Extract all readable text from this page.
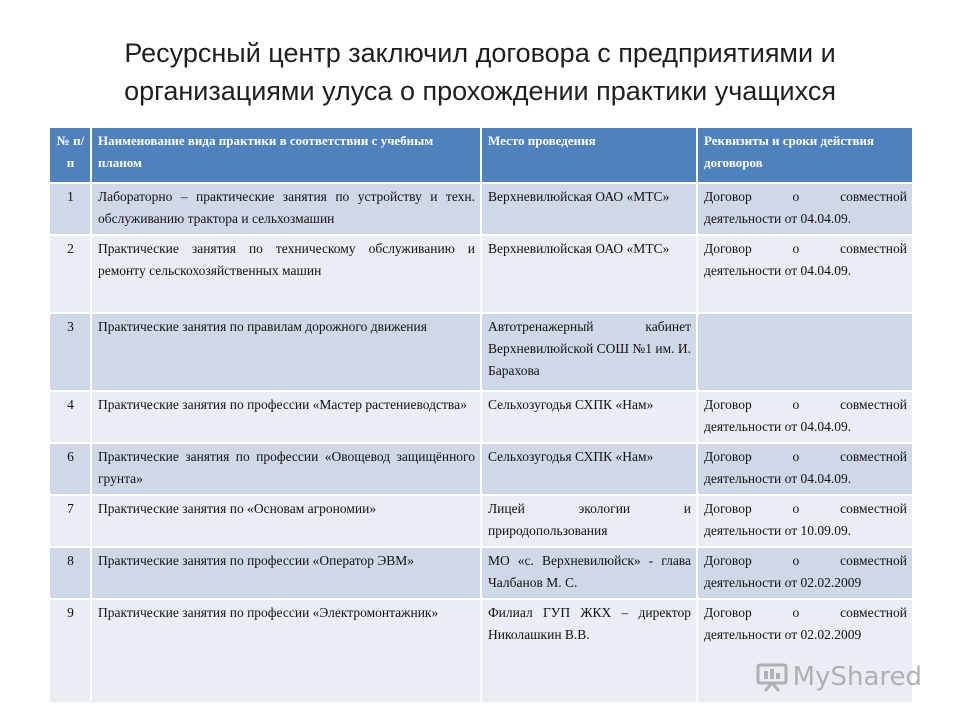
Ресурсный центр заключил договора с предприятиями и
организациями улуса о прохождении практики учащихся
№ п/п	Наименование вида практики в соответствии с учебным планом	Место проведения	Реквизиты и сроки действия договоров
1	Лабораторно – практические занятия по устройству и техн. обслуживанию трактора и сельхозмашин	Верхневилюйская ОАО «МТС»	Договор о совместной деятельности от 04.04.09.
2	Практические занятия по техническому обслуживанию и ремонту сельскохозяйственных машин	Верхневилюйская ОАО «МТС»	Договор о совместной деятельности от 04.04.09.
3	Практические занятия по правилам дорожного движения	Автотренажерный кабинет Верхневилюйской СОШ №1 им. И. Барахова	
4	Практические занятия по профессии «Мастер растениеводства»	Сельхозугодья СХПК «Нам»	Договор о совместной деятельности от 04.04.09.
6	Практические занятия по профессии «Овощевод защищённого грунта»	Сельхозугодья СХПК «Нам»	Договор о совместной деятельности от 04.04.09.
7	Практические занятия по «Основам агрономии»	Лицей экологии и природопользования	Договор о совместной деятельности от 10.09.09.
8	Практические занятия по профессии «Оператор ЭВМ»	МО «с. Верхневилюйск» - глава Чалбанов М. С.	Договор о совместной деятельности от 02.02.2009
9	Практические занятия по профессии «Электромонтажник»	Филиал ГУП ЖКХ – директор Николашкин В.В.	Договор о совместной деятельности от 02.02.2009
MyShared
